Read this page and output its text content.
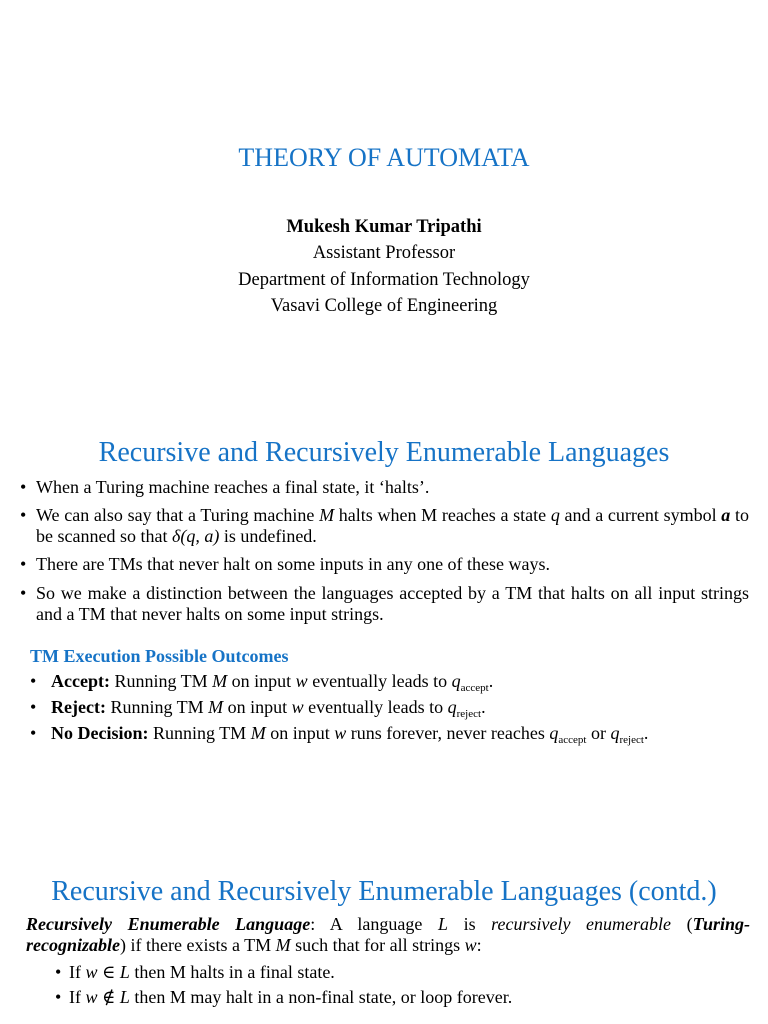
THEORY OF AUTOMATA
Mukesh Kumar Tripathi
Assistant Professor
Department of Information Technology
Vasavi College of Engineering
Recursive and Recursively Enumerable Languages
• When a Turing machine reaches a final state, it ‘halts’.
• We can also say that a Turing machine M halts when M reaches a state q and a current symbol a to be scanned so that δ(q, a) is undefined.
• There are TMs that never halt on some inputs in any one of these ways.
• So we make a distinction between the languages accepted by a TM that halts on all input strings and a TM that never halts on some input strings.
TM Execution Possible Outcomes
• Accept: Running TM M on input w eventually leads to $q_{accept}$.
• Reject: Running TM M on input w eventually leads to $q_{reject}$.
• No Decision: Running TM M on input w runs forever, never reaches $q_{accept}$ or $q_{reject}$.
Recursive and Recursively Enumerable Languages (contd.)
Recursively Enumerable Language: A language L is recursively enumerable (Turing-recognizable) if there exists a TM M such that for all strings w:
• If w ∈ L then M halts in a final state.
• If w ∉ L then M may halt in a non-final state, or loop forever.
